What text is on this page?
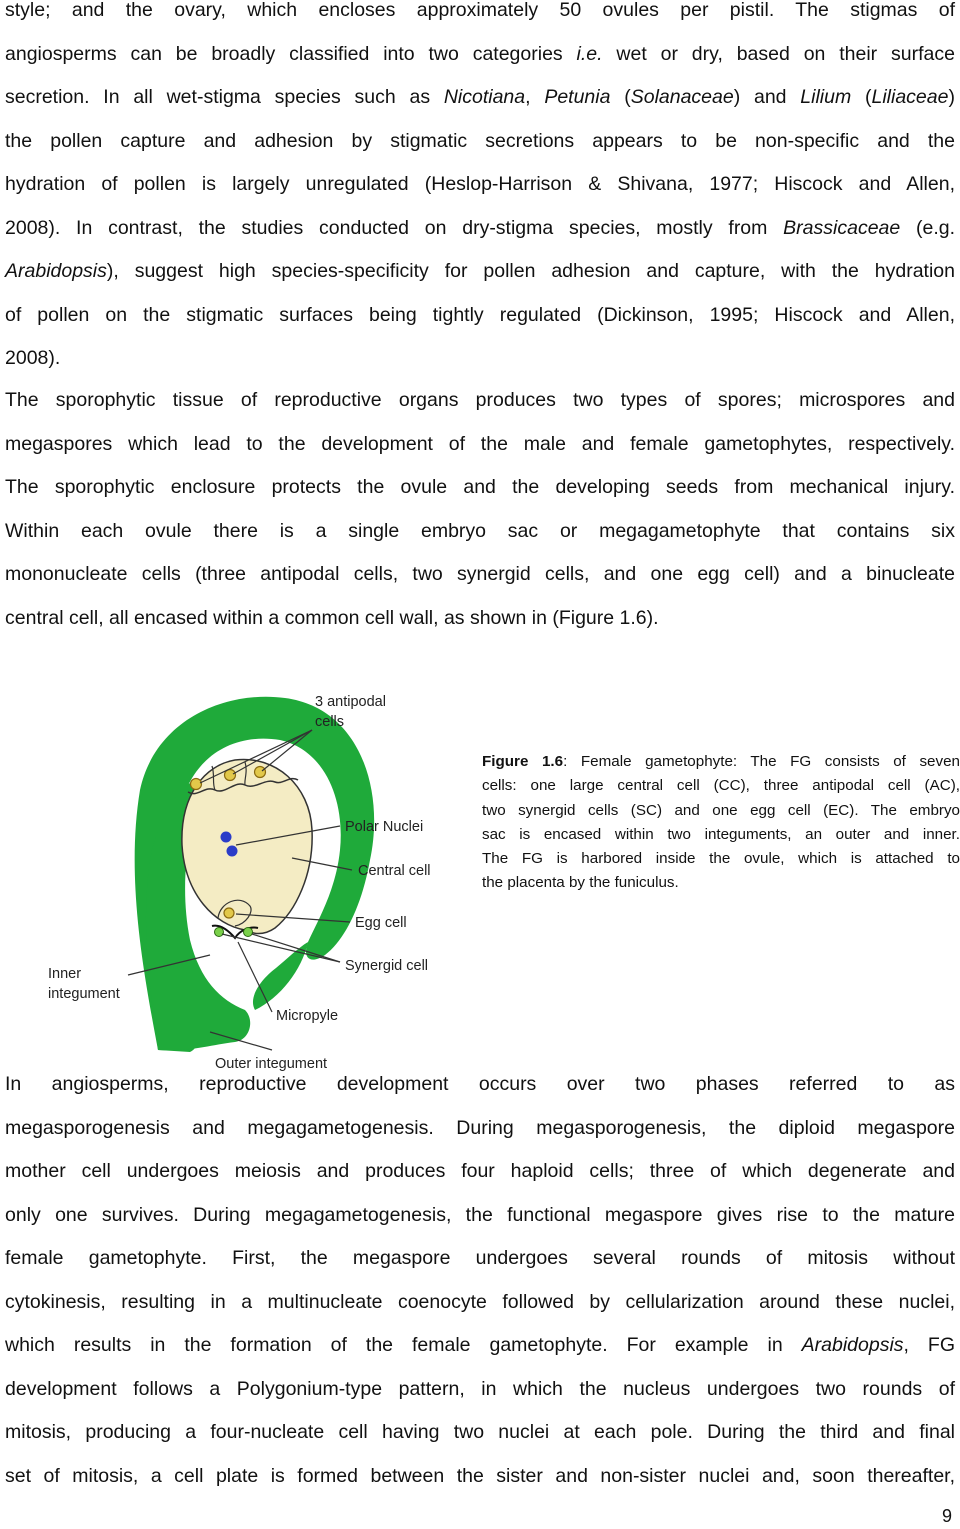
style; and the ovary, which encloses approximately 50 ovules per pistil. The stigmas of
angiosperms can be broadly classified into two categories i.e. wet or dry, based on their surface
secretion. In all wet-stigma species such as Nicotiana, Petunia (Solanaceae) and Lilium (Liliaceae)
the pollen capture and adhesion by stigmatic secretions appears to be non-specific and the
hydration of pollen is largely unregulated (Heslop-Harrison & Shivana, 1977; Hiscock and Allen,
2008). In contrast, the studies conducted on dry-stigma species, mostly from Brassicaceae (e.g.
Arabidopsis), suggest high species-specificity for pollen adhesion and capture, with the hydration
of pollen on the stigmatic surfaces being tightly regulated (Dickinson, 1995; Hiscock and Allen,
2008).
The sporophytic tissue of reproductive organs produces two types of spores; microspores and
megaspores which lead to the development of the male and female gametophytes, respectively.
The sporophytic enclosure protects the ovule and the developing seeds from mechanical injury.
Within each ovule there is a single embryo sac or megagametophyte that contains six
mononucleate cells (three antipodal cells, two synergid cells, and one egg cell) and a binucleate
central cell, all encased within a common cell wall, as shown in (Figure 1.6).
3 antipodal
cells
Polar Nuclei
Central cell
Egg cell
Synergid cell
Inner
integument
Micropyle
Outer integument
Figure 1.6: Female gametophyte: The FG consists of seven
cells: one large central cell (CC), three antipodal cell (AC),
two synergid cells (SC) and one egg cell (EC). The embryo
sac is encased within two integuments, an outer and inner.
The FG is harbored inside the ovule, which is attached to
the placenta by the funiculus.
In angiosperms, reproductive development occurs over two phases referred to as
megasporogenesis and megagametogenesis. During megasporogenesis, the diploid megaspore
mother cell undergoes meiosis and produces four haploid cells; three of which degenerate and
only one survives. During megagametogenesis, the functional megaspore gives rise to the mature
female gametophyte. First, the megaspore undergoes several rounds of mitosis without
cytokinesis, resulting in a multinucleate coenocyte followed by cellularization around these nuclei,
which results in the formation of the female gametophyte. For example in Arabidopsis, FG
development follows a Polygonium-type pattern, in which the nucleus undergoes two rounds of
mitosis, producing a four-nucleate cell having two nuclei at each pole. During the third and final
set of mitosis, a cell plate is formed between the sister and non-sister nuclei and, soon thereafter,
9
